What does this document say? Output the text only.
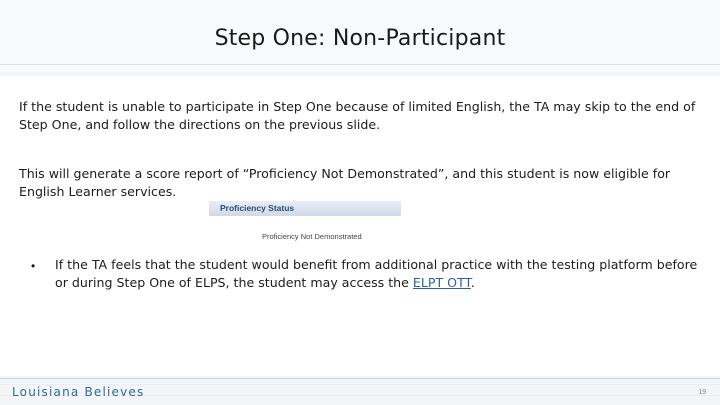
Step One: Non-Participant
If the student is unable to participate in Step One because of limited English, the TA may skip to the end of Step One, and follow the directions on the previous slide.
This will generate a score report of “Proficiency Not Demonstrated”, and this student is now eligible for English Learner services.
Proficiency Status
Proficiency Not Demonstrated
• If the TA feels that the student would benefit from additional practice with the testing platform before or during Step One of ELPS, the student may access the ELPT OTT.
Louisiana Believes	19
